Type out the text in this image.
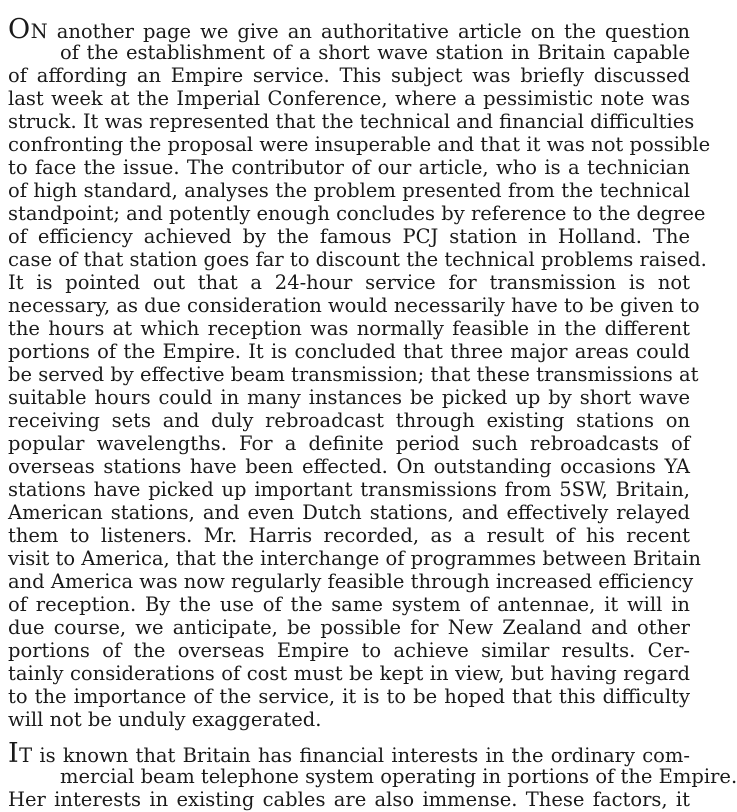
ON another page we give an authoritative article on the question
of the establishment of a short wave station in Britain capable
of affording an Empire service. This subject was briefly discussed
last week at the Imperial Conference, where a pessimistic note was
struck. It was represented that the technical and financial difficulties
confronting the proposal were insuperable and that it was not possible
to face the issue. The contributor of our article, who is a technician
of high standard, analyses the problem presented from the technical
standpoint; and potently enough concludes by reference to the degree
of efficiency achieved by the famous PCJ station in Holland. The
case of that station goes far to discount the technical problems raised.
It is pointed out that a 24-hour service for transmission is not
necessary, as due consideration would necessarily have to be given to
the hours at which reception was normally feasible in the different
portions of the Empire. It is concluded that three major areas could
be served by effective beam transmission; that these transmissions at
suitable hours could in many instances be picked up by short wave
receiving sets and duly rebroadcast through existing stations on
popular wavelengths. For a definite period such rebroadcasts of
overseas stations have been effected. On outstanding occasions YA
stations have picked up important transmissions from 5SW, Britain,
American stations, and even Dutch stations, and effectively relayed
them to listeners. Mr. Harris recorded, as a result of his recent
visit to America, that the interchange of programmes between Britain
and America was now regularly feasible through increased efficiency
of reception. By the use of the same system of antennae, it will in
due course, we anticipate, be possible for New Zealand and other
portions of the overseas Empire to achieve similar results. Cer-
tainly considerations of cost must be kept in view, but having regard
to the importance of the service, it is to be hoped that this difficulty
will not be unduly exaggerated.
IT is known that Britain has financial interests in the ordinary com-
mercial beam telephone system operating in portions of the Empire.
Her interests in existing cables are also immense. These factors, it
